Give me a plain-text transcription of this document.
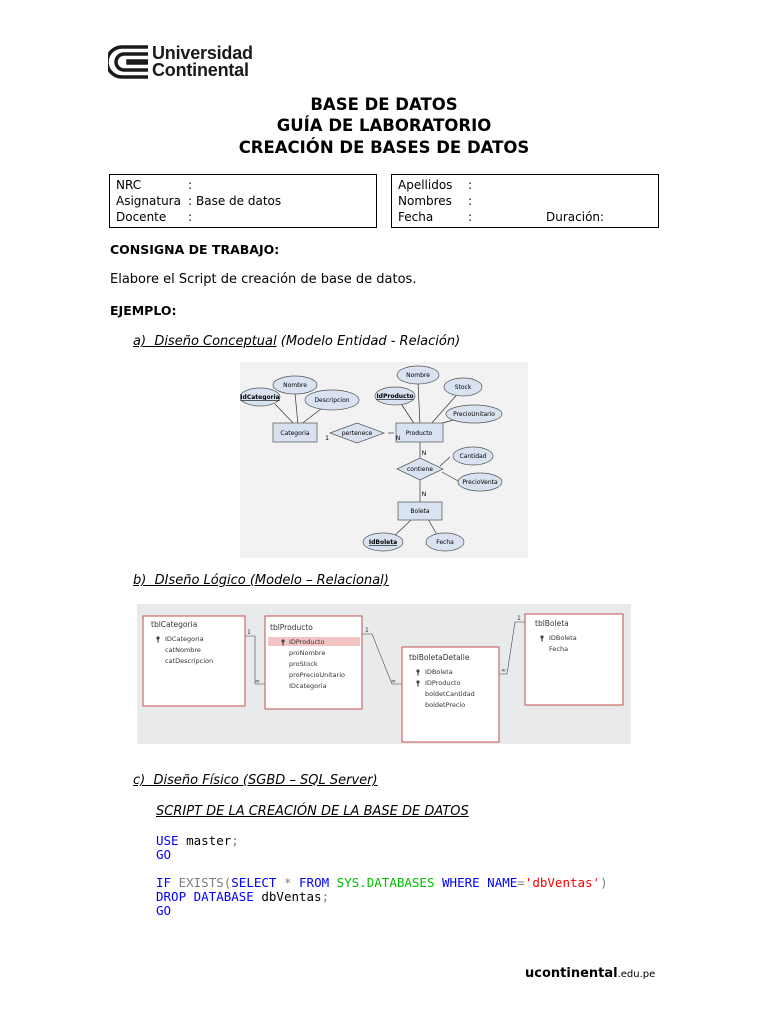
Universidad
Continental
BASE DE DATOS
GUÍA DE LABORATORIO
CREACIÓN DE BASES DE DATOS
NRC	:
Asignatura : Base de datos
Docente	:
Apellidos	:
Nombres	:
Fecha	:	Duración:
CONSIGNA DE TRABAJO:
Elabore el Script de creación de base de datos.
EJEMPLO:
a) Diseño Conceptual (Modelo Entidad - Relación)
Nombre
IdCategoria	Descripcion
Nombre
IdProducto
Stock
PrecioUnitario
Cantidad
PrecioVenta
IdBoleta	Fecha
Categoria	Producto
Boleta
pertenece
contiene
1	N
N
N
b) DIseño Lógico (Modelo – Relacional)
tblCategoria
IDCategoria
catNombre
catDescripcion
tblProducto
IDProducto
proNombre
proStock
proPrecioUnitario
IDcategoria
tblBoletaDetalle
IDBoleta
IDProducto
boldetCantidad
boldetPrecio
tblBoleta
IDBoleta
Fecha
1
∞
1
∞
1
∞
c) Diseño Físico (SGBD – SQL Server)
SCRIPT DE LA CREACIÓN DE LA BASE DE DATOS
USE master;
GO

IF EXISTS(SELECT * FROM SYS.DATABASES WHERE NAME='dbVentas')
DROP DATABASE dbVentas;
GO
ucontinental.edu.pe
